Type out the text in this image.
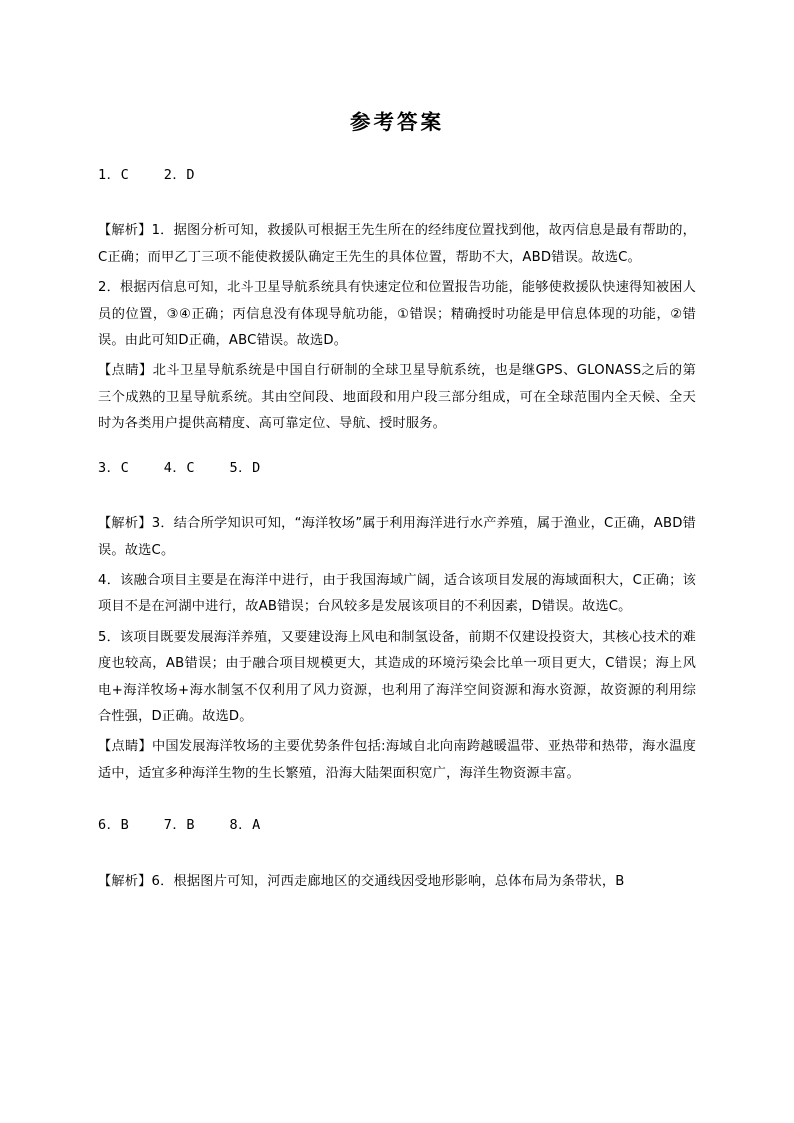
参考答案
1．C    2．D

【解析】1．据图分析可知，救援队可根据王先生所在的经纬度位置找到他，故丙信息是最有帮助的，C正确；而甲乙丁三项不能使救援队确定王先生的具体位置，帮助不大，ABD错误。故选C。

2．根据丙信息可知，北斗卫星导航系统具有快速定位和位置报告功能，能够使救援队快速得知被困人员的位置，③④正确；丙信息没有体现导航功能，①错误；精确授时功能是甲信息体现的功能，②错误。由此可知D正确，ABC错误。故选D。

【点睛】北斗卫星导航系统是中国自行研制的全球卫星导航系统，也是继GPS、GLONASS之后的第三个成熟的卫星导航系统。其由空间段、地面段和用户段三部分组成，可在全球范围内全天候、全天时为各类用户提供高精度、高可靠定位、导航、授时服务。

3．C    4．C    5．D

【解析】3．结合所学知识可知，“海洋牧场”属于利用海洋进行水产养殖，属于渔业，C正确，ABD错误。故选C。

4．该融合项目主要是在海洋中进行，由于我国海域广阔，适合该项目发展的海域面积大，C正确；该项目不是在河湖中进行，故AB错误；台风较多是发展该项目的不利因素，D错误。故选C。

5．该项目既要发展海洋养殖，又要建设海上风电和制氢设备，前期不仅建设投资大，其核心技术的难度也较高，AB错误；由于融合项目规模更大，其造成的环境污染会比单一项目更大，C错误；海上风电+海洋牧场+海水制氢不仅利用了风力资源，也利用了海洋空间资源和海水资源，故资源的利用综合性强，D正确。故选D。

【点睛】中国发展海洋牧场的主要优势条件包括:海域自北向南跨越暖温带、亚热带和热带，海水温度适中，适宜多种海洋生物的生长繁殖，沿海大陆架面积宽广，海洋生物资源丰富。

6．B    7．B    8．A

【解析】6．根据图片可知，河西走廊地区的交通线因受地形影响，总体布局为条带状，B
